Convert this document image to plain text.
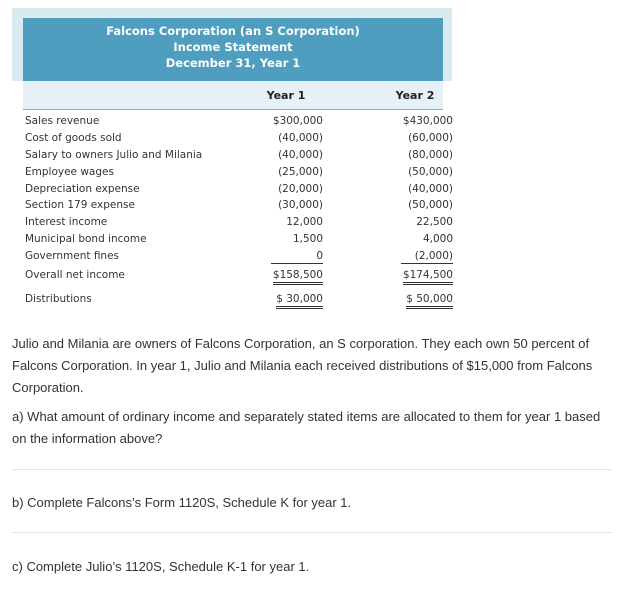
Falcons Corporation (an S Corporation)
Income Statement
December 31, Year 1
Year 1	Year 2
Sales revenue	$300,000	$430,000
Cost of goods sold	(40,000)	(60,000)
Salary to owners Julio and Milania	(40,000)	(80,000)
Employee wages	(25,000)	(50,000)
Depreciation expense	(20,000)	(40,000)
Section 179 expense	(30,000)	(50,000)
Interest income	12,000	22,500
Municipal bond income	1,500	4,000
Government fines	0	(2,000)
Overall net income	$158,500	$174,500
Distributions	$ 30,000	$ 50,000
Julio and Milania are owners of Falcons Corporation, an S corporation. They each own 50 percent of Falcons Corporation. In year 1, Julio and Milania each received distributions of $15,000 from Falcons Corporation.
a) What amount of ordinary income and separately stated items are allocated to them for year 1 based on the information above?
b) Complete Falcons’s Form 1120S, Schedule K for year 1.
c) Complete Julio’s 1120S, Schedule K-1 for year 1.
